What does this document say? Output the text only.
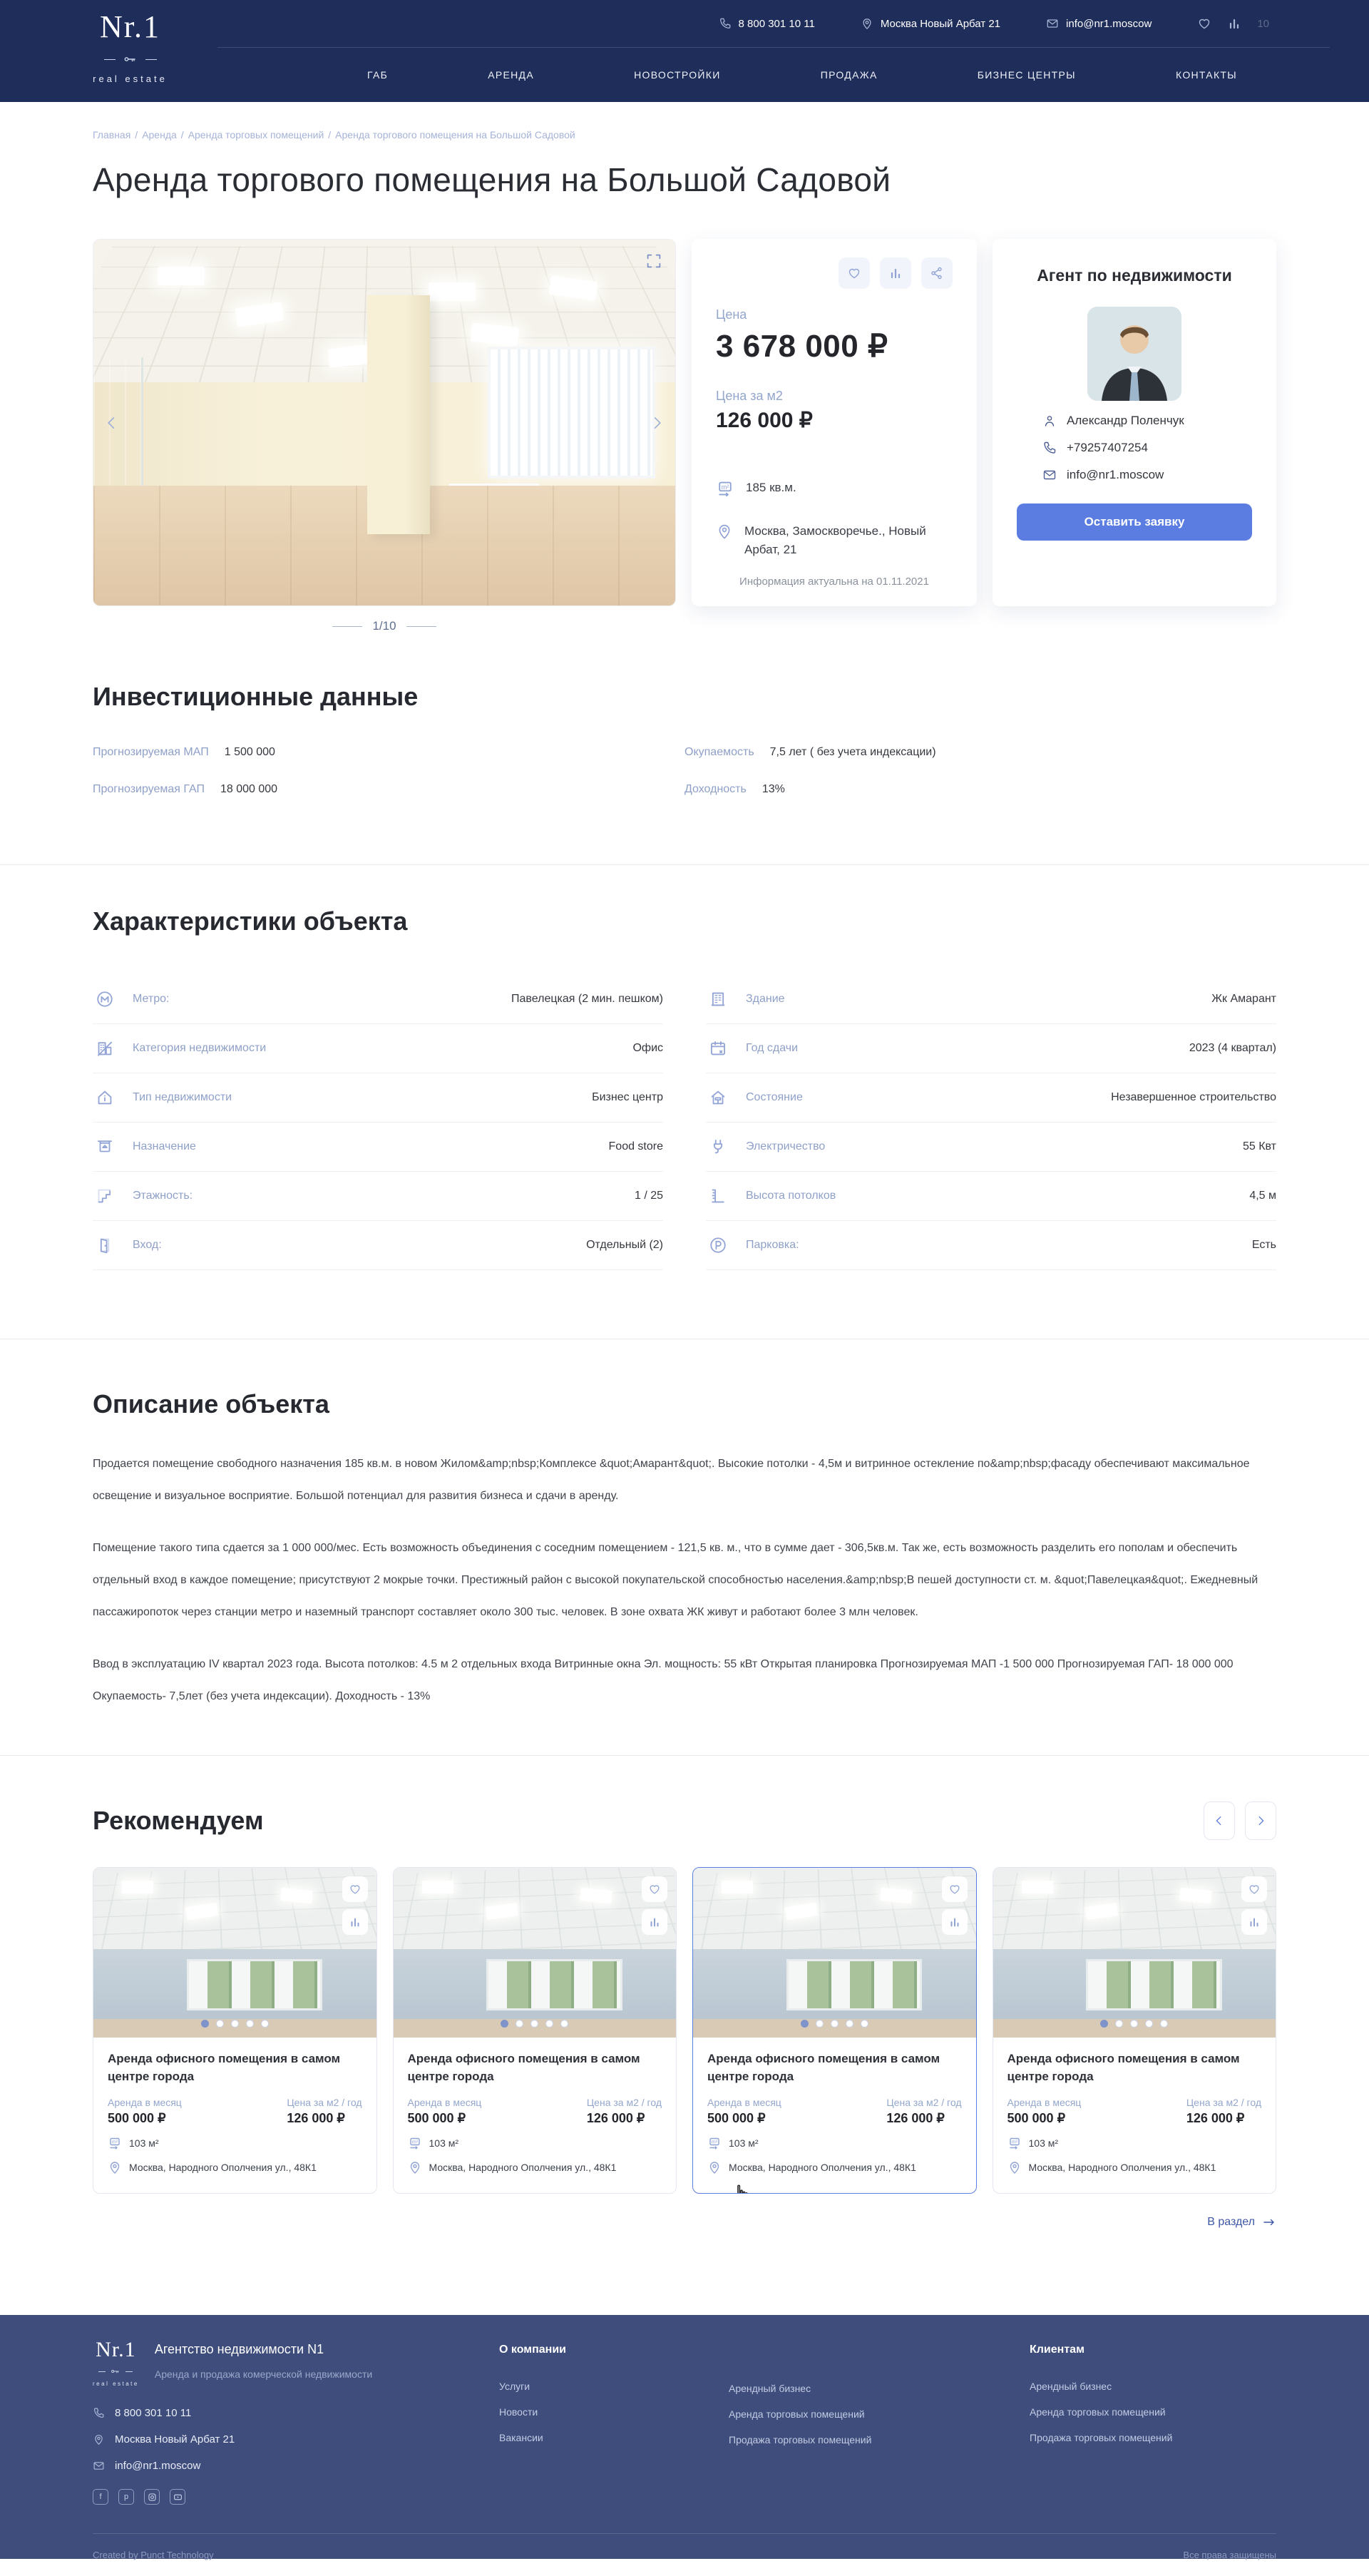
Nr.1
real estate
8 800 301 10 11	Москва Новый Арбат 21	info@nr1.moscow	10
ГАБ	АРЕНДА	НОВОСТРОЙКИ	ПРОДАЖА	БИЗНЕС ЦЕНТРЫ	КОНТАКТЫ
Главная / Аренда / Аренда торговых помещений / Аренда торгового помещения на Большой Садовой
Аренда торгового помещения на Большой Садовой
1/10
Цена
3 678 000 ₽
Цена за м2
126 000 ₽
m² 185 кв.м.
Москва, Замоскворечье., Новый Арбат, 21
Информация актуальна на 01.11.2021
Агент по недвижимости
Александр Поленчук
+79257407254
info@nr1.moscow
Оставить заявку
Инвестиционные данные
Прогнозируемая МАП 1 500 000	Окупаемость 7,5 лет ( без учета индексации)
Прогнозируемая ГАП 18 000 000	Доходность 13%
Характеристики объекта
Метро:	Павелецкая (2 мин. пешком)
Категория недвижимости	Офис
Тип недвижимости	Бизнес центр
Назначение	Food store
Этажность:	1 / 25
Вход:	Отдельный (2)
Здание	Жк Амарант
Год сдачи	2023 (4 квартал)
Состояние	Незавершенное строительство
Электричество	55 Квт
Высота потолков	4,5 м
Парковка:	Есть
Описание объекта

Продается помещение свободного назначения 185 кв.м. в новом Жилом&amp;nbsp;Комплексе &quot;Амарант&quot;. Высокие потолки - 4,5м и витринное остекление по&amp;nbsp;фасаду обеспечивают максимальное освещение и визуальное восприятие. Большой потенциал для развития бизнеса и сдачи в аренду.

Помещение такого типа сдается за 1 000 000/мес. Есть возможность объединения с соседним помещением - 121,5 кв. м., что в сумме дает - 306,5кв.м. Так же, есть возможность разделить его пополам и обеспечить отдельный вход в каждое помещение; присутствуют 2 мокрые точки. Престижный район с высокой покупательской способностью населения.&amp;nbsp;В пешей доступности ст. м. &quot;Павелецкая&quot;. Ежедневный пассажиропоток через станции метро и наземный транспорт составляет около 300 тыс. человек. В зоне охвата ЖК живут и работают более 3 млн человек.

Ввод в эксплуатацию IV квартал 2023 года. Высота потолков: 4.5 м 2 отдельных входа Витринные окна Эл. мощность: 55 кВт Открытая планировка Прогнозируемая МАП -1 500 000 Прогнозируемая ГАП- 18 000 000 Окупаемость- 7,5лет (без учета индексации). Доходность - 13%

Рекомендуем
Аренда офисного помещения в самом центре города
Аренда в месяц
500 000 ₽
Цена за м2 / год
126 000 ₽
m² 103 м²
Москва, Народного Ополчения ул., 48К1
Аренда офисного помещения в самом центре города
Аренда в месяц
500 000 ₽
Цена за м2 / год
126 000 ₽
m² 103 м²
Москва, Народного Ополчения ул., 48К1
Аренда офисного помещения в самом центре города
Аренда в месяц
500 000 ₽
Цена за м2 / год
126 000 ₽
m² 103 м²
Москва, Народного Ополчения ул., 48К1
Аренда офисного помещения в самом центре города
Аренда в месяц
500 000 ₽
Цена за м2 / год
126 000 ₽
m² 103 м²
Москва, Народного Ополчения ул., 48К1
В раздел
Nr.1
real estate
Агентство недвижимости N1
Аренда и продажа комерческой недвижимости
8 800 301 10 11
Москва Новый Арбат 21
info@nr1.moscow
f	p
О компании
Услуги
Новости
Вакансии
Арендный бизнес
Аренда торговых помещений
Продажа торговых помещений
Клиентам
Арендный бизнес
Аренда торговых помещений
Продажа торговых помещений
Created by Punct Technology	Все права защищены
